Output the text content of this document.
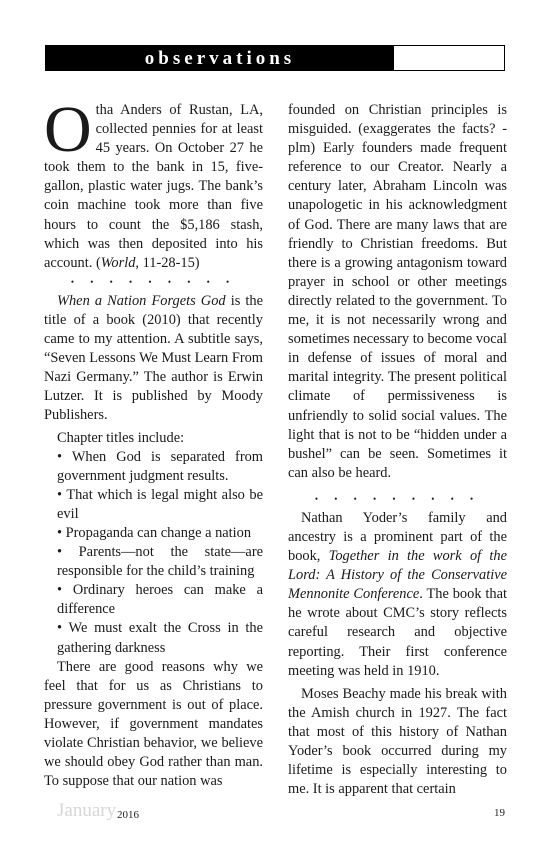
observations

Otha Anders of Rustan, LA, collected pennies for at least 45 years. On October 27 he took them to the bank in 15, five-gallon, plastic water jugs. The bank’s coin machine took more than five hours to count the $5,186 stash, which was then deposited into his account. (World, 11-28-15)

• • • • • • • • •

When a Nation Forgets God is the title of a book (2010) that recently came to my attention. A subtitle says, “Seven Lessons We Must Learn From Nazi Germany.” The author is Erwin Lutzer. It is published by Moody Publishers.

Chapter titles include:

• When God is separated from government judgment results.

• That which is legal might also be evil

• Propaganda can change a nation

• Parents—not the state—are responsible for the child’s training

• Ordinary heroes can make a difference

• We must exalt the Cross in the gathering darkness

There are good reasons why we feel that for us as Christians to pressure government is out of place. However, if government mandates violate Christian behavior, we believe we should obey God rather than man. To suppose that our nation was

founded on Christian principles is misguided. (exaggerates the facts? -plm) Early founders made frequent reference to our Creator. Nearly a century later, Abraham Lincoln was unapologetic in his acknowledgment of God. There are many laws that are friendly to Christian freedoms. But there is a growing antagonism toward prayer in school or other meetings directly related to the government. To me, it is not necessarily wrong and sometimes necessary to become vocal in defense of issues of moral and marital integrity. The present political climate of permissiveness is unfriendly to solid social values. The light that is not to be “hidden under a bushel” can be seen. Sometimes it can also be heard.

• • • • • • • • •

Nathan Yoder’s family and ancestry is a prominent part of the book, Together in the work of the Lord: A History of the Conservative Mennonite Conference. The book that he wrote about CMC’s story reflects careful research and objective reporting. Their first conference meeting was held in 1910.

Moses Beachy made his break with the Amish church in 1927. The fact that most of this history of Nathan Yoder’s book occurred during my lifetime is especially interesting to me. It is apparent that certain

January 2016	19
